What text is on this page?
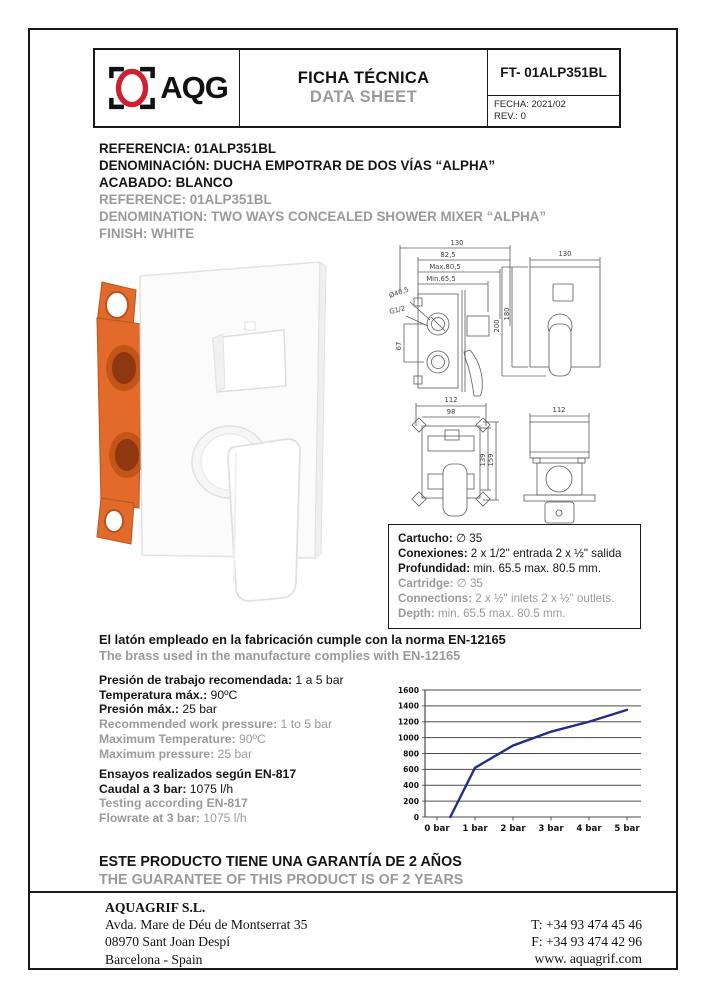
AQG	FICHA TÉCNICA
DATA SHEET
FT- 01ALP351BL
FECHA: 2021/02
REV.: 0
REFERENCIA: 01ALP351BL
DENOMINACIÓN: DUCHA EMPOTRAR DE DOS VÍAS “ALPHA”
ACABADO: BLANCO
REFERENCE: 01ALP351BL
DENOMINATION: TWO WAYS CONCEALED SHOWER MIXER “ALPHA”
FINISH: WHITE
130
82,5
Max.80,5
Min.65,5
Ø40,5
G1/2
67
130
200
180
112
98
139 159
112
Cartucho: ∅ 35
Conexiones: 2 x 1/2" entrada 2 x ½" salida
Profundidad: min. 65.5 max. 80.5 mm.
Cartridge: ∅ 35
Connections: 2 x ½" inlets 2 x ½" outlets.
Depth: min. 65.5 max. 80.5 mm.
El latón empleado en la fabricación cumple con la norma EN-12165
The brass used in the manufacture complies with EN-12165
Presión de trabajo recomendada: 1 a 5 bar
Temperatura máx.: 90ºC
Presión máx.: 25 bar
Recommended work pressure: 1 to 5 bar
Maximum Temperature: 90ºC
Maximum pressure: 25 bar
Ensayos realizados según EN-817
Caudal a 3 bar: 1075 l/h
Testing according EN-817
Flowrate at 3 bar: 1075 l/h	0
200
400
600
800
1000
1200
1400
1600
0 bar 1 bar 2 bar 3 bar 4 bar 5 bar
ESTE PRODUCTO TIENE UNA GARANTÍA DE 2 AÑOS
THE GUARANTEE OF THIS PRODUCT IS OF 2 YEARS
AQUAGRIF S.L.
Avda. Mare de Déu de Montserrat 35
08970 Sant Joan Despí
Barcelona - Spain
T: +34 93 474 45 46
F: +34 93 474 42 96
www. aquagrif.com
